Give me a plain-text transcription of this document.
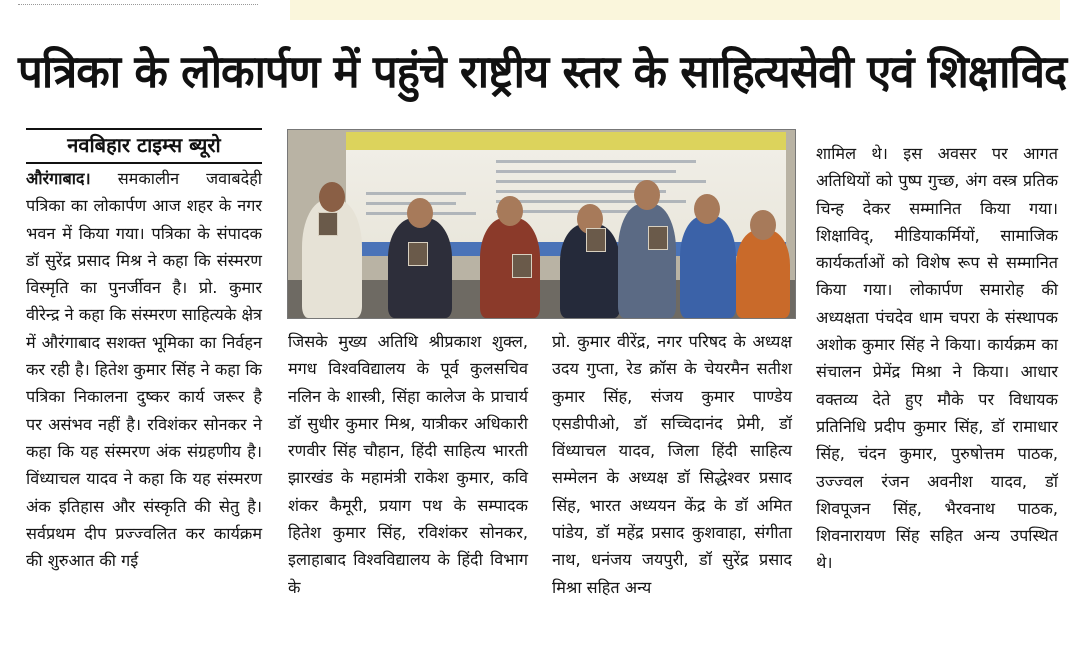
पत्रिका के लोकार्पण में पहुंचे राष्ट्रीय स्तर के साहित्यसेवी एवं शिक्षाविद
नवबिहार टाइम्स ब्यूरो

औरंगाबाद। समकालीन जवाबदेही पत्रिका का लोकार्पण आज शहर के नगर भवन में किया गया। पत्रिका के संपादक डॉ सुरेंद्र प्रसाद मिश्र ने कहा कि संस्मरण विस्मृति का पुनर्जीवन है। प्रो. कुमार वीरेन्द्र ने कहा कि संस्मरण साहित्यके क्षेत्र में औरंगाबाद सशक्त भूमिका का निर्वहन कर रही है। हितेश कुमार सिंह ने कहा कि पत्रिका निकालना दुष्कर कार्य जरूर है पर असंभव नहीं है। रविशंकर सोनकर ने कहा कि यह संस्मरण अंक संग्रहणीय है। विंध्याचल यादव ने कहा कि यह संस्मरण अंक इतिहास और संस्कृति की सेतु है। सर्वप्रथम दीप प्रज्ज्वलित कर कार्यक्रम की शुरुआत की गई

जिसके मुख्य अतिथि श्रीप्रकाश शुक्ल, मगध विश्वविद्यालय के पूर्व कुलसचिव नलिन के शास्त्री, सिंहा कालेज के प्राचार्य डॉ सुधीर कुमार मिश्र, यात्रीकर अधिकारी रणवीर सिंह चौहान, हिंदी साहित्य भारती झारखंड के महामंत्री राकेश कुमार, कवि शंकर कैमूरी, प्रयाग पथ के सम्पादक हितेश कुमार सिंह, रविशंकर सोनकर, इलाहाबाद विश्वविद्यालय के हिंदी विभाग के

प्रो. कुमार वीरेंद्र, नगर परिषद के अध्यक्ष उदय गुप्ता, रेड क्रॉस के चेयरमैन सतीश कुमार सिंह, संजय कुमार पाण्डेय एसडीपीओ, डॉ सच्चिदानंद प्रेमी, डॉ विंध्याचल यादव, जिला हिंदी साहित्य सम्मेलन के अध्यक्ष डॉ सिद्धेश्वर प्रसाद सिंह, भारत अध्ययन केंद्र के डॉ अमित पांडेय, डॉ महेंद्र प्रसाद कुशवाहा, संगीता नाथ, धनंजय जयपुरी, डॉ सुरेंद्र प्रसाद मिश्रा सहित अन्य

शामिल थे। इस अवसर पर आगत अतिथियों को पुष्प गुच्छ, अंग वस्त्र प्रतिक चिन्ह देकर सम्मानित किया गया। शिक्षाविद्, मीडियाकर्मियों, सामाजिक कार्यकर्ताओं को विशेष रूप से सम्मानित किया गया। लोकार्पण समारोह की अध्यक्षता पंचदेव धाम चपरा के संस्थापक अशोक कुमार सिंह ने किया। कार्यक्रम का संचालन प्रेमेंद्र मिश्रा ने किया। आधार वक्तव्य देते हुए मौके पर विधायक प्रतिनिधि प्रदीप कुमार सिंह, डॉ रामाधार सिंह, चंदन कुमार, पुरुषोत्तम पाठक, उज्ज्वल रंजन अवनीश यादव, डॉ शिवपूजन सिंह, भैरवनाथ पाठक, शिवनारायण सिंह सहित अन्य उपस्थित थे।
